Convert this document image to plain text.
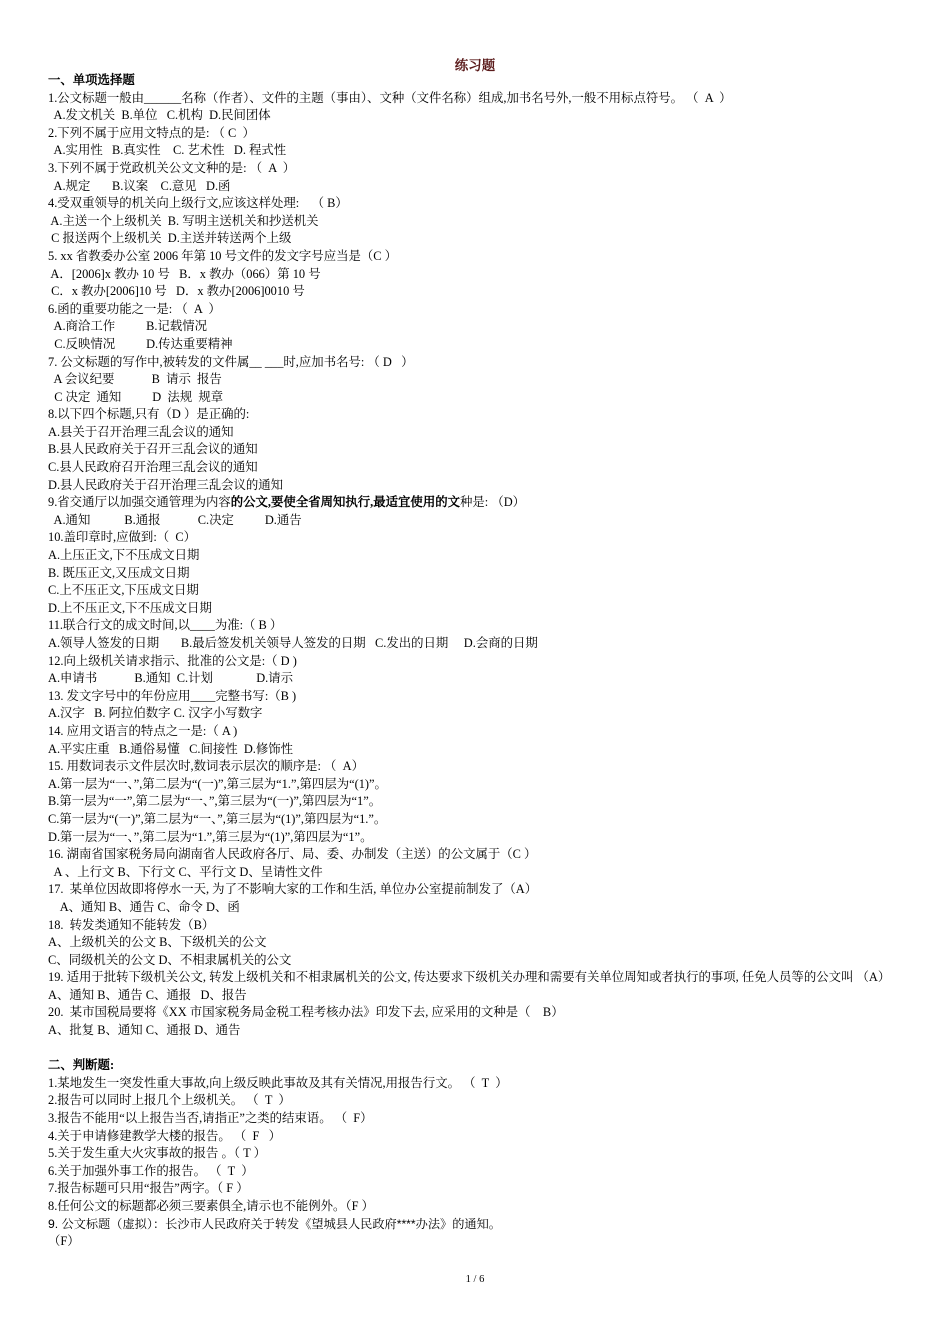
练习题
一、单项选择题
1.公文标题一般由______名称（作者）、文件的主题（事由）、文种（文件名称）组成,加书名号外,一般不用标点符号。 （  A  ）
A.发文机关  B.单位   C.机构  D.民间团体
2.下列不属于应用文特点的是: （ C  ）
A.实用性   B.真实性    C. 艺术性   D. 程式性
3.下列不属于党政机关公文文种的是: （  A  ）
A.规定       B.议案    C.意见   D.函
4.受双重领导的机关向上级行文,应该这样处理:    （ B）
A.主送一个上级机关  B. 写明主送机关和抄送机关
C 报送两个上级机关  D.主送并转送两个上级
5. xx 省教委办公室 2006 年第 10 号文件的发文字号应当是（C ）
A．[2006]x 教办 10 号   B．x 教办（066）第 10 号
C．x 教办[2006]10 号   D．x 教办[2006]0010 号
6.函的重要功能之一是: （  A  ）
A.商洽工作          B.记载情况
C.反映情况          D.传达重要精神
7. 公文标题的写作中,被转发的文件属__ ___时,应加书名号: （ D   ）
A 会议纪要            B  请示  报告
C 决定  通知          D  法规  规章
8.以下四个标题,只有（D ）是正确的:
A.县关于召开治理三乱会议的通知
B.县人民政府关于召开三乱会议的通知
C.县人民政府召开治理三乱会议的通知
D.县人民政府关于召开治理三乱会议的通知
9.省交通厅以加强交通管理为内容的公文,要使全省周知执行,最适宜使用的文种是: （D）
A.通知           B.通报            C.决定          D.通告
10.盖印章时,应做到:（  C）
A.上压正文,下不压成文日期
B. 既压正文,又压成文日期
C.上不压正文,下压成文日期
D.上不压正文,下不压成文日期
11.联合行文的成文时间,以____为准:（ B ）
A.领导人签发的日期       B.最后签发机关领导人签发的日期   C.发出的日期     D.会商的日期
12.向上级机关请求指示、批准的公文是:（ D )
A.申请书            B.通知  C.计划              D.请示
13. 发文字号中的年份应用____完整书写:（B )
A.汉字   B. 阿拉伯数字 C. 汉字小写数字
14. 应用文语言的特点之一是:（ A )
A.平实庄重   B.通俗易懂   C.间接性  D.修饰性
15. 用数词表示文件层次时,数词表示层次的顺序是: （  A）
A.第一层为“一、”,第二层为“(一)”,第三层为“1.”,第四层为“(1)”。
B.第一层为“一”,第二层为“一、”,第三层为“(一)”,第四层为“1”。
C.第一层为“(一)”,第二层为“一、”,第三层为“(1)”,第四层为“1.”。
D.第一层为“一、”,第二层为“1.”,第三层为“(1)”,第四层为“1”。
16. 湖南省国家税务局向湖南省人民政府各厅、局、委、办制发（主送）的公文属于（C ）
A 、上行文 B、下行文 C、平行文 D、呈请性文件
17.  某单位因故即将停水一天, 为了不影响大家的工作和生活, 单位办公室提前制发了（A）
A、通知 B、通告 C、命令 D、函
18.  转发类通知不能转发（B）
A、上级机关的公文 B、下级机关的公文
C、同级机关的公文 D、不相隶属机关的公文
19. 适用于批转下级机关公文, 转发上级机关和不相隶属机关的公文, 传达要求下级机关办理和需要有关单位周知或者执行的事项, 任免人员等的公文叫 （A）
A、通知 B、通告 C、通报   D、报告
20.  某市国税局要将《XX 市国家税务局金税工程考核办法》印发下去, 应采用的文种是（    B）
A、批复 B、通知 C、通报 D、通告
二、判断题:
1.某地发生一突发性重大事故,向上级反映此事故及其有关情况,用报告行文。 （  T  ）
2.报告可以同时上报几个上级机关。 （  T  ）
3.报告不能用“以上报告当否,请指正”之类的结束语。 （  F）
4.关于申请修建教学大楼的报告。 （  F   ）
5.关于发生重大火灾事故的报告 。（ T ）
6.关于加强外事工作的报告。 （  T  ）
7.报告标题可只用“报告”两字。（ F ）
8.任何公文的标题都必须三要素俱全,请示也不能例外。（F ）
9. 公文标题（虚拟）：长沙市人民政府关于转发《望城县人民政府****办法》的通知。
（F）
1 / 6
